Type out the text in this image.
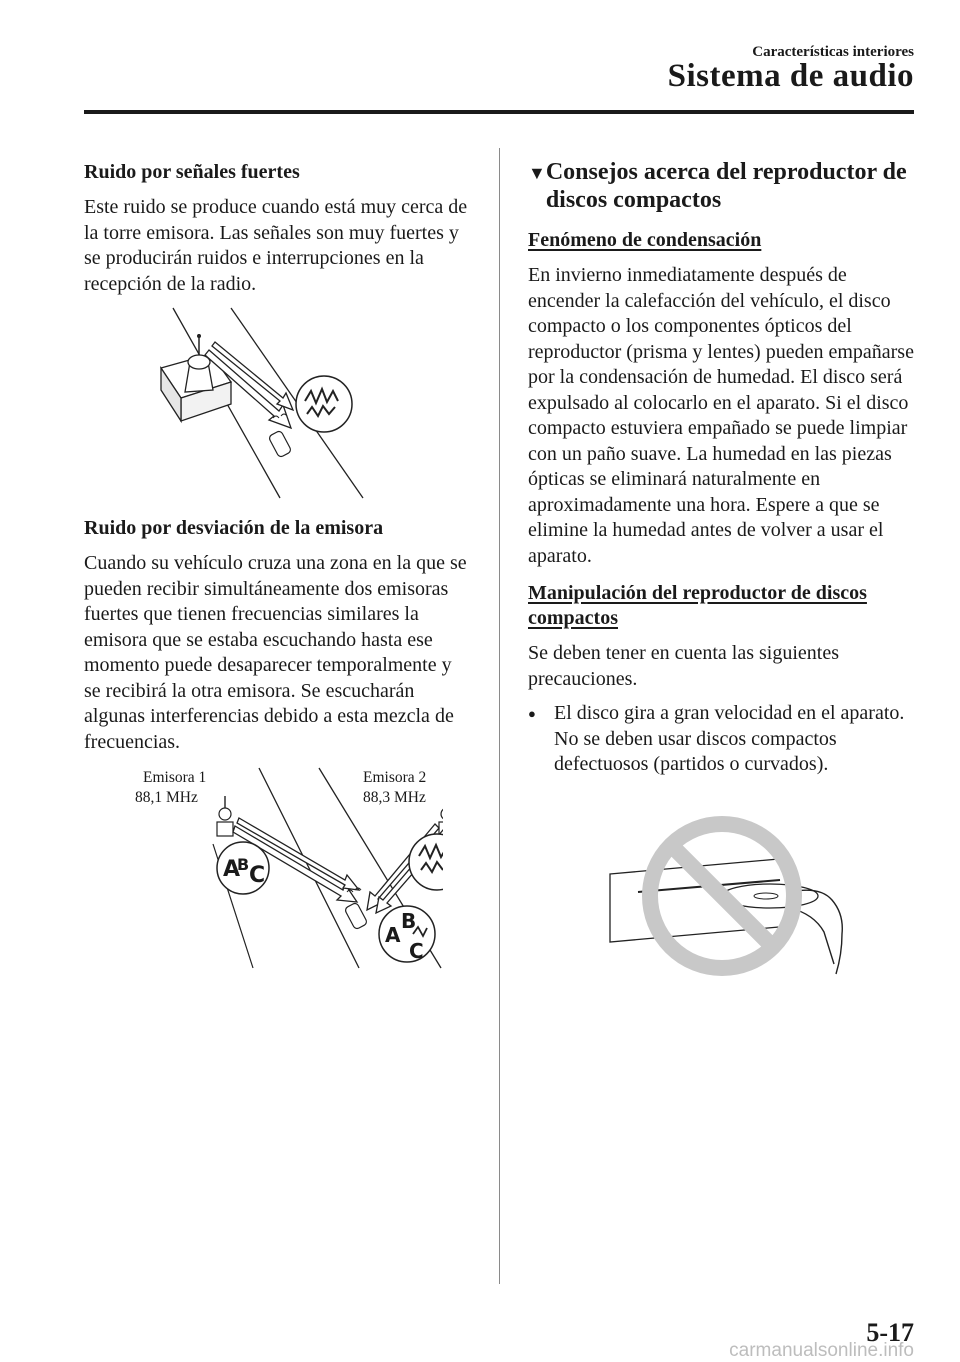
Características interiores
Sistema de audio
Ruido por señales fuertes
Este ruido se produce cuando está muy cerca de la torre emisora. Las señales son muy fuertes y se producirán ruidos e interrupciones en la recepción de la radio.
Ruido por desviación de la emisora
Cuando su vehículo cruza una zona en la que se pueden recibir simultáneamente dos emisoras fuertes que tienen frecuencias similares la emisora que se estaba escuchando hasta ese momento puede desaparecer temporalmente y se recibirá la otra emisora. Se escucharán algunas interferencias debido a esta mezcla de frecuencias.
Emisora 1
88,1 MHz
Emisora 2
88,3 MHz
A
B C
A
B
C
▼ Consejos acerca del reproductor de discos compactos
Fenómeno de condensación
En invierno inmediatamente después de encender la calefacción del vehículo, el disco compacto o los componentes ópticos del reproductor (prisma y lentes) pueden empañarse por la condensación de humedad. El disco será expulsado al colocarlo en el aparato. Si el disco compacto estuviera empañado se puede limpiar con un paño suave. La humedad en las piezas ópticas se eliminará naturalmente en aproximadamente una hora. Espere a que se elimine la humedad antes de volver a usar el aparato.
Manipulación del reproductor de discos compactos
Se deben tener en cuenta las siguientes precauciones.
● El disco gira a gran velocidad en el aparato. No se deben usar discos compactos defectuosos (partidos o curvados).
5-17
carmanualsonline.info
